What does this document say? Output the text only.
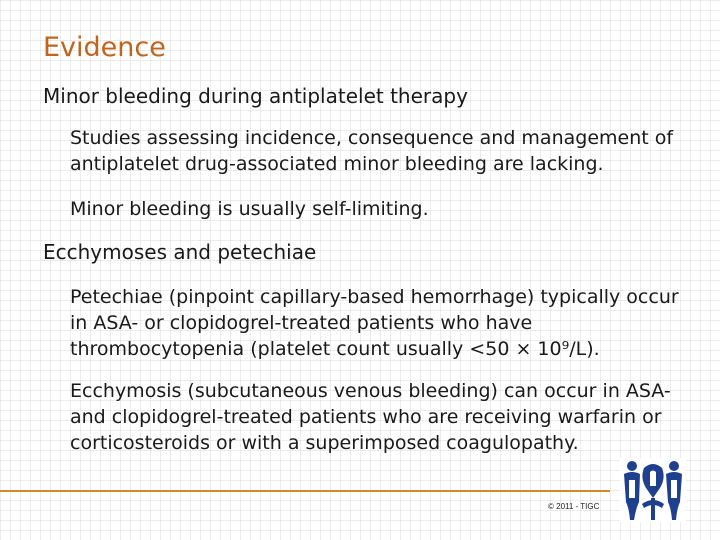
Evidence
Minor bleeding during antiplatelet therapy

Studies assessing incidence, consequence and management of antiplatelet drug-associated minor bleeding are lacking.

Minor bleeding is usually self-limiting.

Ecchymoses and petechiae

Petechiae (pinpoint capillary-based hemorrhage) typically occur in ASA- or clopidogrel-treated patients who have thrombocytopenia (platelet count usually <50 × 10⁹/L).

Ecchymosis (subcutaneous venous bleeding) can occur in ASA- and clopidogrel-treated patients who are receiving warfarin or corticosteroids or with a superimposed coagulopathy.

© 2011 - TIGC
